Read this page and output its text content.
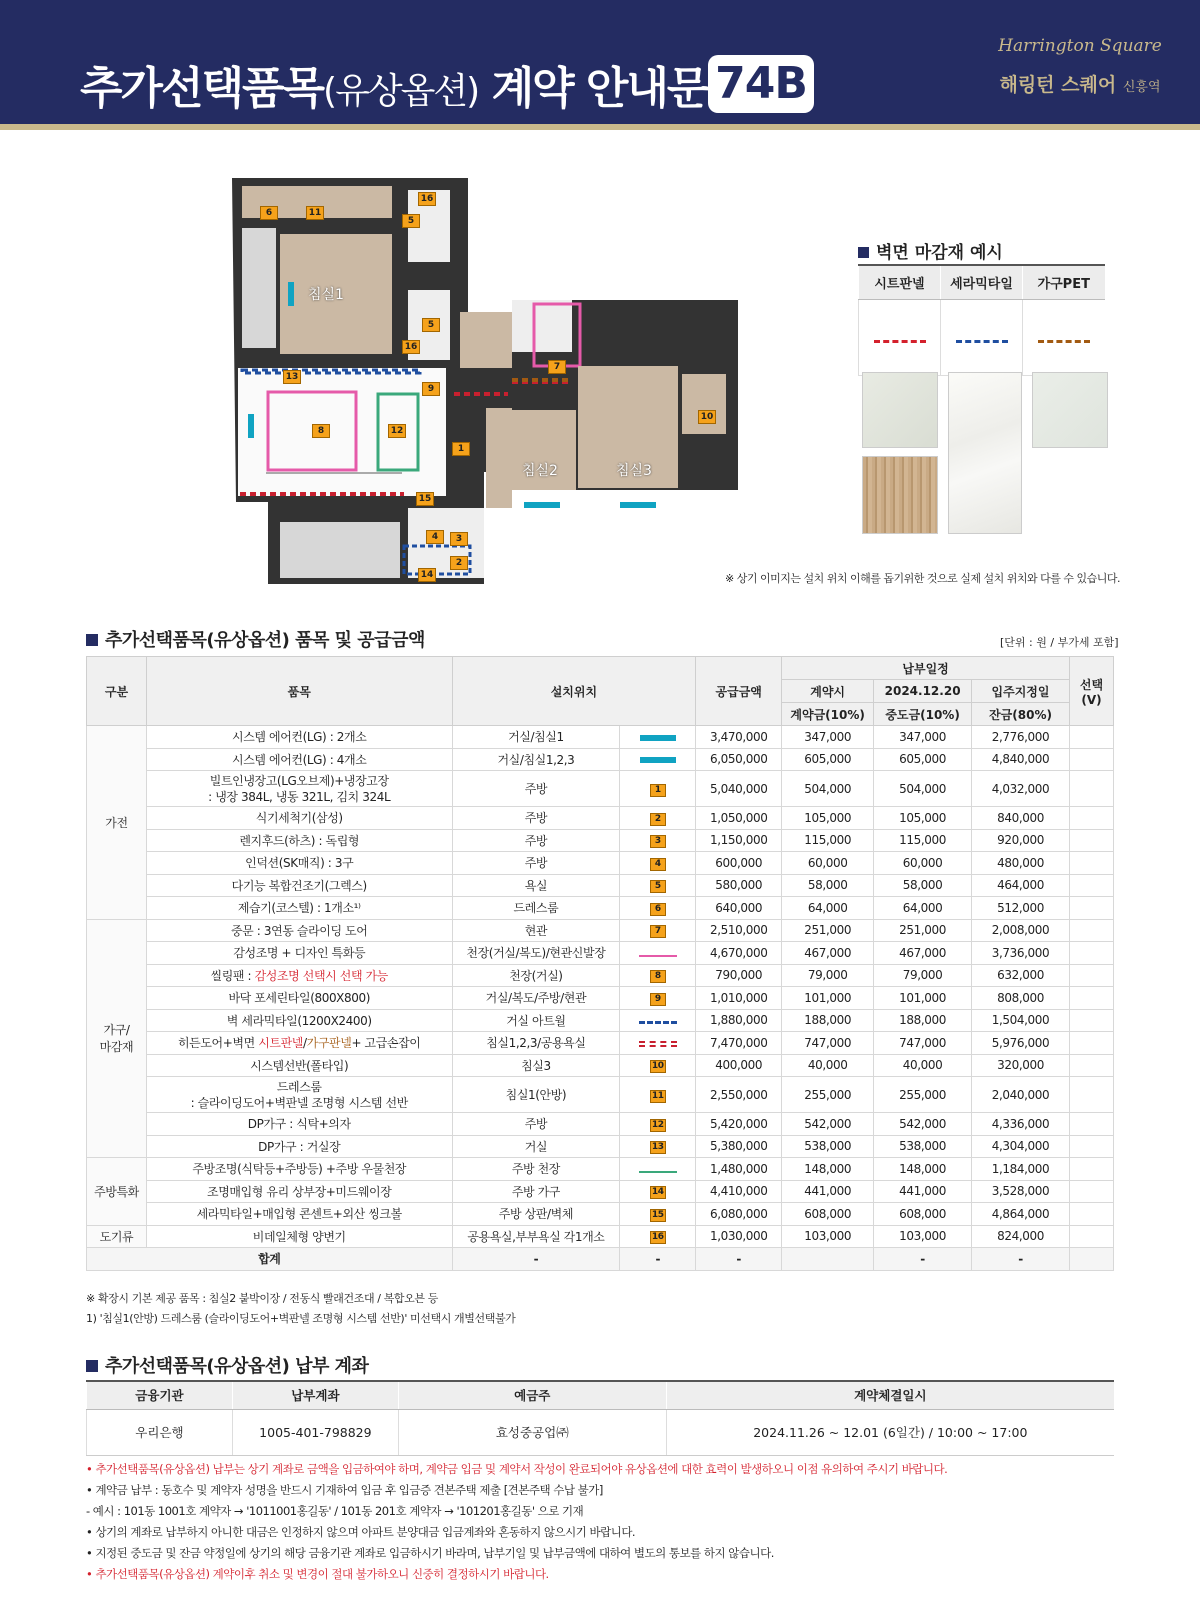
추가선택품목(유상옵션) 계약 안내문 74B
Harrington Square
해링턴 스퀘어 신흥역
침실1
16
6	11
5
5
16
13
9
8	12
1
15
4	3
2
14
침실2	침실3
7
10
벽면 마감재 예시
시트판넬	세라믹타일	가구PET

※ 상기 이미지는 설치 위치 이해를 돕기위한 것으로 실제 설치 위치와 다를 수 있습니다.
추가선택품목(유상옵션) 품목 및 공급금액	[단위 : 원 / 부가세 포함]
구분	품목	설치위치		공급금액	납부일정			선택
(V)
					계약시	2024.12.20	입주지정일	
					계약금(10%)	중도금(10%)	잔금(80%)	
가전	시스템 에어컨(LG) : 2개소	거실/침실1		3,470,000	347,000	347,000	2,776,000	
	시스템 에어컨(LG) : 4개소	거실/침실1,2,3		6,050,000	605,000	605,000	4,840,000	
	빌트인냉장고(LG오브제)+냉장고장
: 냉장 384L, 냉동 321L, 김치 324L	주방	1	5,040,000	504,000	504,000	4,032,000	
	식기세척기(삼성)	주방	2	1,050,000	105,000	105,000	840,000	
	렌지후드(하츠) : 독립형	주방	3	1,150,000	115,000	115,000	920,000	
	인덕션(SK매직) : 3구	주방	4	600,000	60,000	60,000	480,000	
	다기능 복합건조기(그렉스)	욕실	5	580,000	58,000	58,000	464,000	
	제습기(코스텔) : 1개소¹⁾	드레스룸	6	640,000	64,000	64,000	512,000	
가구/
마감재	중문 : 3연동 슬라이딩 도어	현관	7	2,510,000	251,000	251,000	2,008,000	
	감성조명 + 디자인 특화등	천장(거실/복도)/현관신발장		4,670,000	467,000	467,000	3,736,000	
	씰링팬 : 감성조명 선택시 선택 가능	천장(거실)	8	790,000	79,000	79,000	632,000	
	바닥 포세린타일(800X800)	거실/복도/주방/현관	9	1,010,000	101,000	101,000	808,000	
	벽 세라믹타일(1200X2400)	거실 아트월		1,880,000	188,000	188,000	1,504,000	
	히든도어+벽면 시트판넬/가구판넬+ 고급손잡이	침실1,2,3/공용욕실		7,470,000	747,000	747,000	5,976,000	
	시스템선반(폴타입)	침실3	10	400,000	40,000	40,000	320,000	
	드레스룸
: 슬라이딩도어+벽판넬 조명형 시스템 선반	침실1(안방)	11	2,550,000	255,000	255,000	2,040,000	
	DP가구 : 식탁+의자	주방	12	5,420,000	542,000	542,000	4,336,000	
	DP가구 : 거실장	거실	13	5,380,000	538,000	538,000	4,304,000	
주방특화	주방조명(식탁등+주방등) +주방 우물천장	주방 천장		1,480,000	148,000	148,000	1,184,000	
	조명매입형 유리 상부장+미드웨이장	주방 가구	14	4,410,000	441,000	441,000	3,528,000	
	세라믹타일+매입형 콘센트+외산 씽크볼	주방 상판/벽체	15	6,080,000	608,000	608,000	4,864,000	
도기류	비데일체형 양변기	공용욕실,부부욕실 각1개소	16	1,030,000	103,000	103,000	824,000	
합계		-	-	-		-	-	
※ 확장시 기본 제공 품목 : 침실2 붙박이장 / 전동식 빨래건조대 / 복합오븐 등
1) '침실1(안방) 드레스룸 (슬라이딩도어+벽판넬 조명형 시스템 선반)' 미선택시 개별선택불가
추가선택품목(유상옵션) 납부 계좌
금융기관	납부계좌	예금주	계약체결일시
우리은행	1005-401-798829	효성중공업㈜	2024.11.26 ~ 12.01 (6일간) / 10:00 ~ 17:00
• 추가선택품목(유상옵션) 납부는 상기 계좌로 금액을 입금하여야 하며, 계약금 입금 및 계약서 작성이 완료되어야 유상옵션에 대한 효력이 발생하오니 이점 유의하여 주시기 바랍니다.
• 계약금 납부 : 동호수 및 계약자 성명을 반드시 기재하여 입금 후 입금증 견본주택 제출 [견본주택 수납 불가]
- 예시 : 101동 1001호 계약자 → '1011001홍길동' / 101동 201호 계약자 → '101201홍길동' 으로 기재
• 상기의 계좌로 납부하지 아니한 대금은 인정하지 않으며 아파트 분양대금 입금계좌와 혼동하지 않으시기 바랍니다.
• 지정된 중도금 및 잔금 약정일에 상기의 해당 금융기관 계좌로 입금하시기 바라며, 납부기일 및 납부금액에 대하여 별도의 통보를 하지 않습니다.
• 추가선택품목(유상옵션) 계약이후 취소 및 변경이 절대 불가하오니 신중히 결정하시기 바랍니다.
